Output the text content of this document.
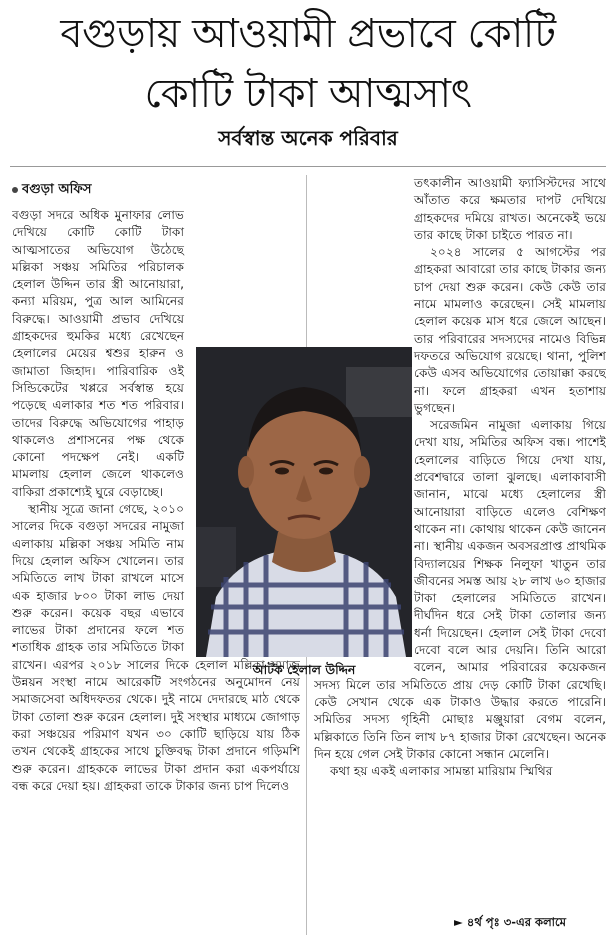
বগুড়ায় আওয়ামী প্রভাবে কোটি
কোটি টাকা আত্মসাৎ
সর্বস্বান্ত অনেক পরিবার
বগুড়া অফিস

বগুড়া সদরে অধিক মুনাফার লোভ দেখিয়ে কোটি কোটি টাকা আত্মসাতের অভিযোগ উঠেছে মল্লিকা সঞ্চয় সমিতির পরিচালক হেলাল উদ্দিন তার স্ত্রী আনোয়ারা, কন্যা মরিয়ম, পুত্র আল আমিনের বিরুদ্ধে। আওয়ামী প্রভাব দেখিয়ে গ্রাহকদের হুমকির মধ্যে রেখেছেন হেলালের মেয়ের শ্বশুর হারুন ও জামাতা জিহাদ। পারিবারিক ওই সিন্ডিকেটের খপ্পরে সর্বস্বান্ত হয়ে পড়েছে এলাকার শত শত পরিবার। তাদের বিরুদ্ধে অভিযোগের পাহাড় থাকলেও প্রশাসনের পক্ষ থেকে কোনো পদক্ষেপ নেই। একটি মামলায় হেলাল জেলে থাকলেও বাকিরা প্রকাশ্যেই ঘুরে বেড়াচ্ছে।

স্থানীয় সূত্রে জানা গেছে, ২০১০ সালের দিকে বগুড়া সদরের নামুজা এলাকায় মল্লিকা সঞ্চয় সমিতি নাম দিয়ে হেলাল অফিস খোলেন। তার সমিতিতে লাখ টাকা রাখলে মাসে এক হাজার ৮০০ টাকা লাভ দেয়া শুরু করেন। কয়েক বছর এভাবে লাভের টাকা প্রদানের ফলে শত শতাধিক গ্রাহক তার সমিতিতে টাকা রাখেন। এরপর ২০১৮ সালের দিকে হেলাল মল্লিকা সমাজ উন্নয়ন সংস্থা নামে আরেকটি সংগঠনের অনুমোদন নেয় সমাজসেবা অধিদফতর থেকে। দুই নামে দেদারছে মাঠ থেকে টাকা তোলা শুরু করেন হেলাল। দুই সংস্থার মাধ্যমে জোগাড় করা সঞ্চয়ের পরিমাণ যখন ৩০ কোটি ছাড়িয়ে যায় ঠিক তখন থেকেই গ্রাহকের সাথে চুক্তিবদ্ধ টাকা প্রদানে গড়িমশি শুরু করেন। গ্রাহককে লাভের টাকা প্রদান করা একপর্যায়ে বন্ধ করে দেয়া হয়। গ্রাহকরা তাকে টাকার জন্য চাপ দিলেও

তৎকালীন আওয়ামী ফ্যাসিস্টদের সাথে আঁতাত করে ক্ষমতার দাপট দেখিয়ে গ্রাহকদের দমিয়ে রাখত। অনেকেই ভয়ে তার কাছে টাকা চাইতে পারত না।

২০২৪ সালের ৫ আগস্টের পর গ্রাহকরা আবারো তার কাছে টাকার জন্য চাপ দেয়া শুরু করেন। কেউ কেউ তার নামে মামলাও করেছেন। সেই মামলায় হেলাল কয়েক মাস ধরে জেলে আছেন। তার পরিবারের সদস্যদের নামেও বিভিন্ন দফতরে অভিযোগ রয়েছে। থানা, পুলিশ কেউ এসব অভিযোগের তোয়াক্কা করছে না। ফলে গ্রাহকরা এখন হতাশায় ভুগছেন।

সরেজমিন নামুজা এলাকায় গিয়ে দেখা যায়, সমিতির অফিস বন্ধ। পাশেই হেলালের বাড়িতে গিয়ে দেখা যায়, প্রবেশদ্বারে তালা ঝুলছে। এলাকাবাসী জানান, মাঝে মধ্যে হেলালের স্ত্রী আনোয়ারা বাড়িতে এলেও বেশিক্ষণ থাকেন না। কোথায় থাকেন কেউ জানেন না। স্থানীয় একজন অবসরপ্রাপ্ত প্রাথমিক বিদ্যালয়ের শিক্ষক নিলুফা খাতুন তার জীবনের সমস্ত আয় ২৮ লাখ ৬০ হাজার টাকা হেলালের সমিতিতে রাখেন। দীর্ঘদিন ধরে সেই টাকা তোলার জন্য ধর্না দিয়েছেন। হেলাল সেই টাকা দেবো দেবো বলে আর দেয়নি। তিনি আরো বলেন, আমার পরিবারের কয়েকজন সদস্য মিলে তার সমিতিতে প্রায় দেড় কোটি টাকা রেখেছি। কেউ সেখান থেকে এক টাকাও উদ্ধার করতে পারেনি। সমিতির সদস্য গৃহিনী মোছাঃ মঞ্জুয়ারা বেগম বলেন, মল্লিকাতে তিনি তিন লাখ ৮৭ হাজার টাকা রেখেছেন। অনেক দিন হয়ে গেল সেই টাকার কোনো সন্ধান মেলেনি।

কথা হয় একই এলাকার সামন্তা মারিয়াম স্মিথির

আটক হেলাল উদ্দিন
► ৪র্থ পৃঃ ৩-এর কলামে
